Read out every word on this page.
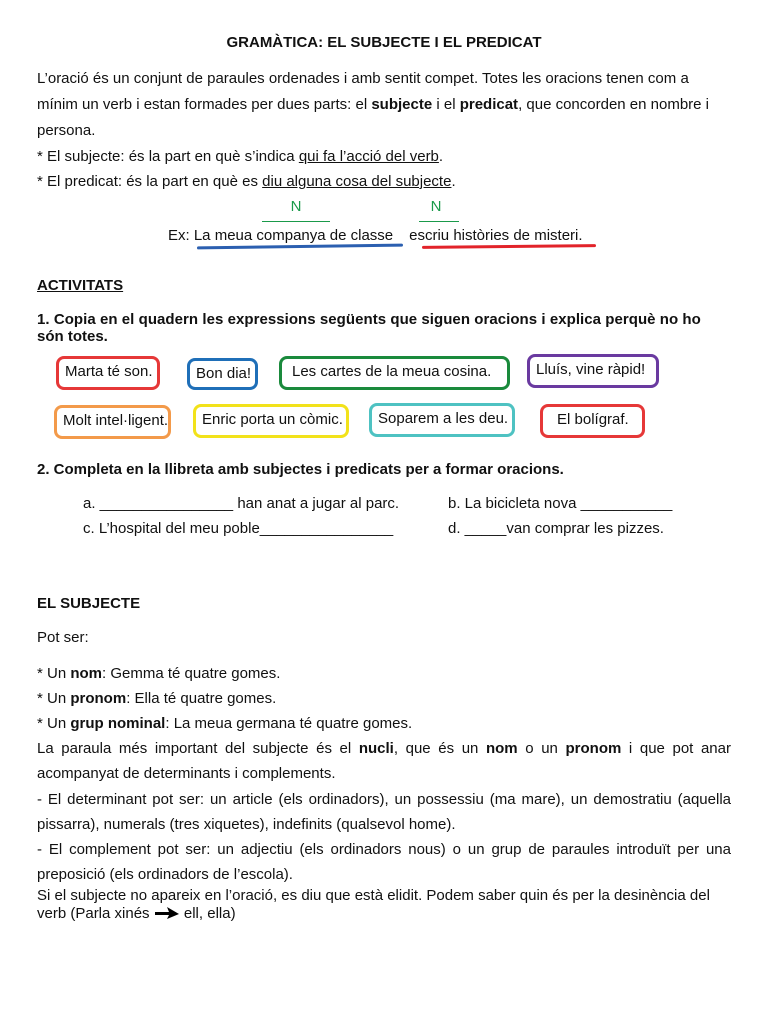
GRAMÀTICA: EL SUBJECTE I EL PREDICAT
L’oració és un conjunt de paraules ordenades i amb sentit compet. Totes les oracions tenen com a
mínim un verb i estan formades per dues parts: el subjecte i el predicat, que concorden en nombre i
persona.
* El subjecte: és la part en què s’indica qui fa l’acció del verb.
* El predicat: és la part en què es diu alguna cosa del subjecte.
N	N
Ex: La meua companya de classe escriu històries de misteri.
ACTIVITATS
1. Copia en el quadern les expressions següents que siguen oracions i explica perquè no ho
són totes.
Marta té son.	Bon dia!	Les cartes de la meua cosina.	Lluís, vine ràpid!
Molt intel·ligent.	Enric porta un còmic.	Soparem a les deu.	El bolígraf.
2. Completa en la llibreta amb subjectes i predicats per a formar oracions.
a. ________________ han anat a jugar al parc.	b. La bicicleta nova ___________
c. L’hospital del meu poble________________	d. _____van comprar les pizzes.
EL SUBJECTE
Pot ser:
* Un nom: Gemma té quatre gomes.
* Un pronom: Ella té quatre gomes.
* Un grup nominal: La meua germana té quatre gomes.
La paraula més important del subjecte és el nucli, que és un nom o un pronom i que pot anar acompanyat de determinants i complements.
- El determinant pot ser: un article (els ordinadors), un possessiu (ma mare), un demostratiu (aquella pissarra), numerals (tres xiquetes), indefinits (qualsevol home).
- El complement pot ser: un adjectiu (els ordinadors nous) o un grup de paraules introduït per una preposició (els ordinadors de l’escola).
Si el subjecte no apareix en l’oració, es diu que està elidit. Podem saber quin és per la desinència del
verb (Parla xinés  ell, ella)
